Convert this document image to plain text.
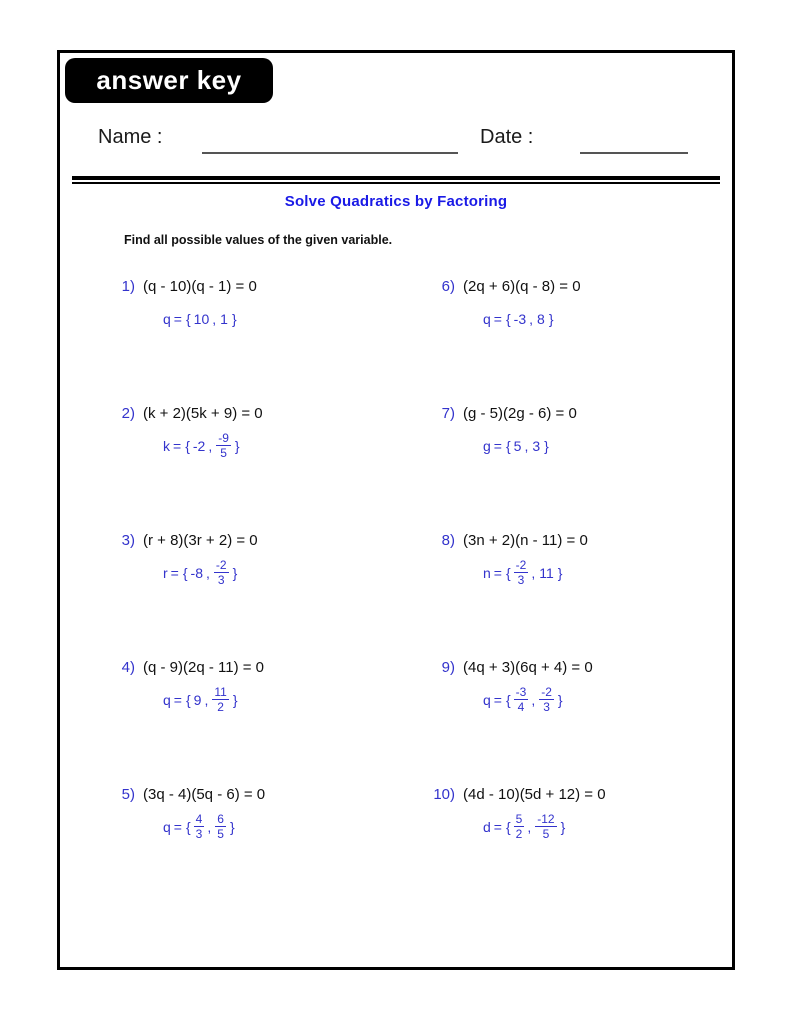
answer key
Name :	Date :
Solve Quadratics by Factoring
Find all possible values of the given variable.
1) (q - 10)(q - 1) = 0
q = { 10 , 1 }
2) (k + 2)(5k + 9) = 0
k = { -2 , $\frac{-9}{5}$ }
3) (r + 8)(3r + 2) = 0
r = { -8 , $\frac{-2}{3}$ }
4) (q - 9)(2q - 11) = 0
q = { 9 , $\frac{11}{2}$ }
5) (3q - 4)(5q - 6) = 0
q = { $\frac{4}{3}$ , $\frac{6}{5}$ }
6) (2q + 6)(q - 8) = 0
q = { -3 , 8 }
7) (g - 5)(2g - 6) = 0
g = { 5 , 3 }
8) (3n + 2)(n - 11) = 0
n = { $\frac{-2}{3}$ , 11 }
9) (4q + 3)(6q + 4) = 0
q = { $\frac{-3}{4}$ , $\frac{-2}{3}$ }
10) (4d - 10)(5d + 12) = 0
d = { $\frac{5}{2}$ , $\frac{-12}{5}$ }
